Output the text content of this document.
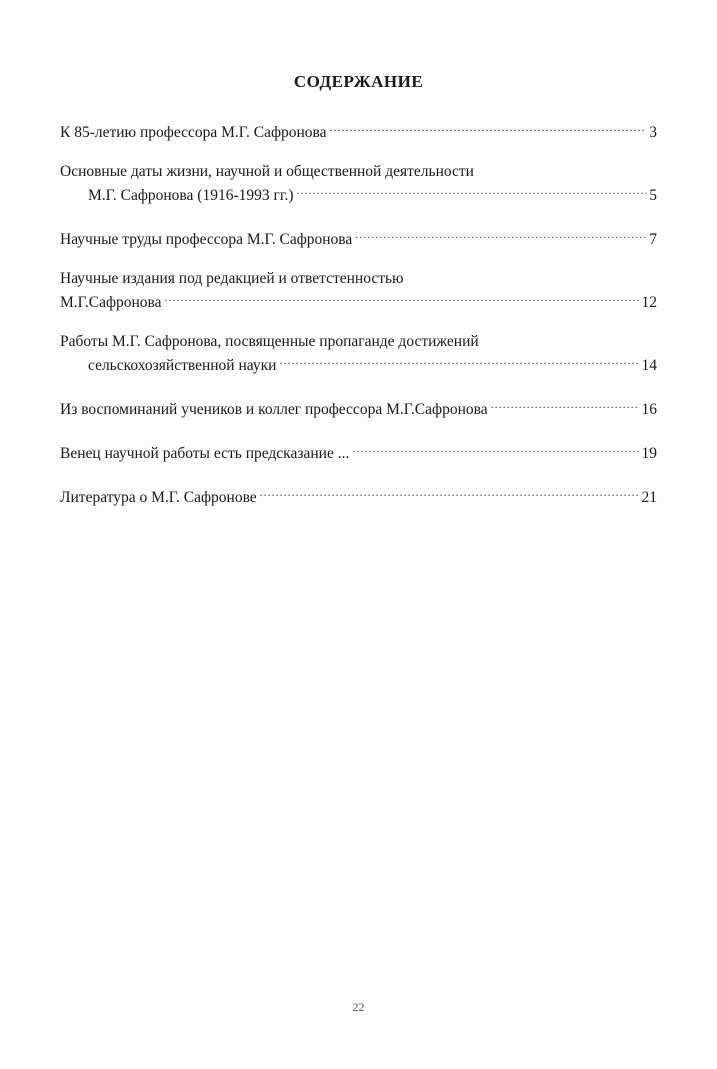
СОДЕРЖАНИЕ
К 85-летию профессора М.Г. Сафронова .....	3
Основные даты жизни, научной и общественной деятельности
М.Г. Сафронова (1916-1993 гг.) .....	5
Научные труды профессора М.Г. Сафронова .....	7
Научные издания под редакцией и ответстенностью
М.Г.Сафронова .....	12
Работы М.Г. Сафронова, посвященные пропаганде достижений
сельскохозяйственной науки .....	14
Из воспоминаний учеников и коллег профессора М.Г.Сафронова .....	16
Венец научной работы есть предсказание ... .....	19
Литература о М.Г. Сафронове .....	21
22
